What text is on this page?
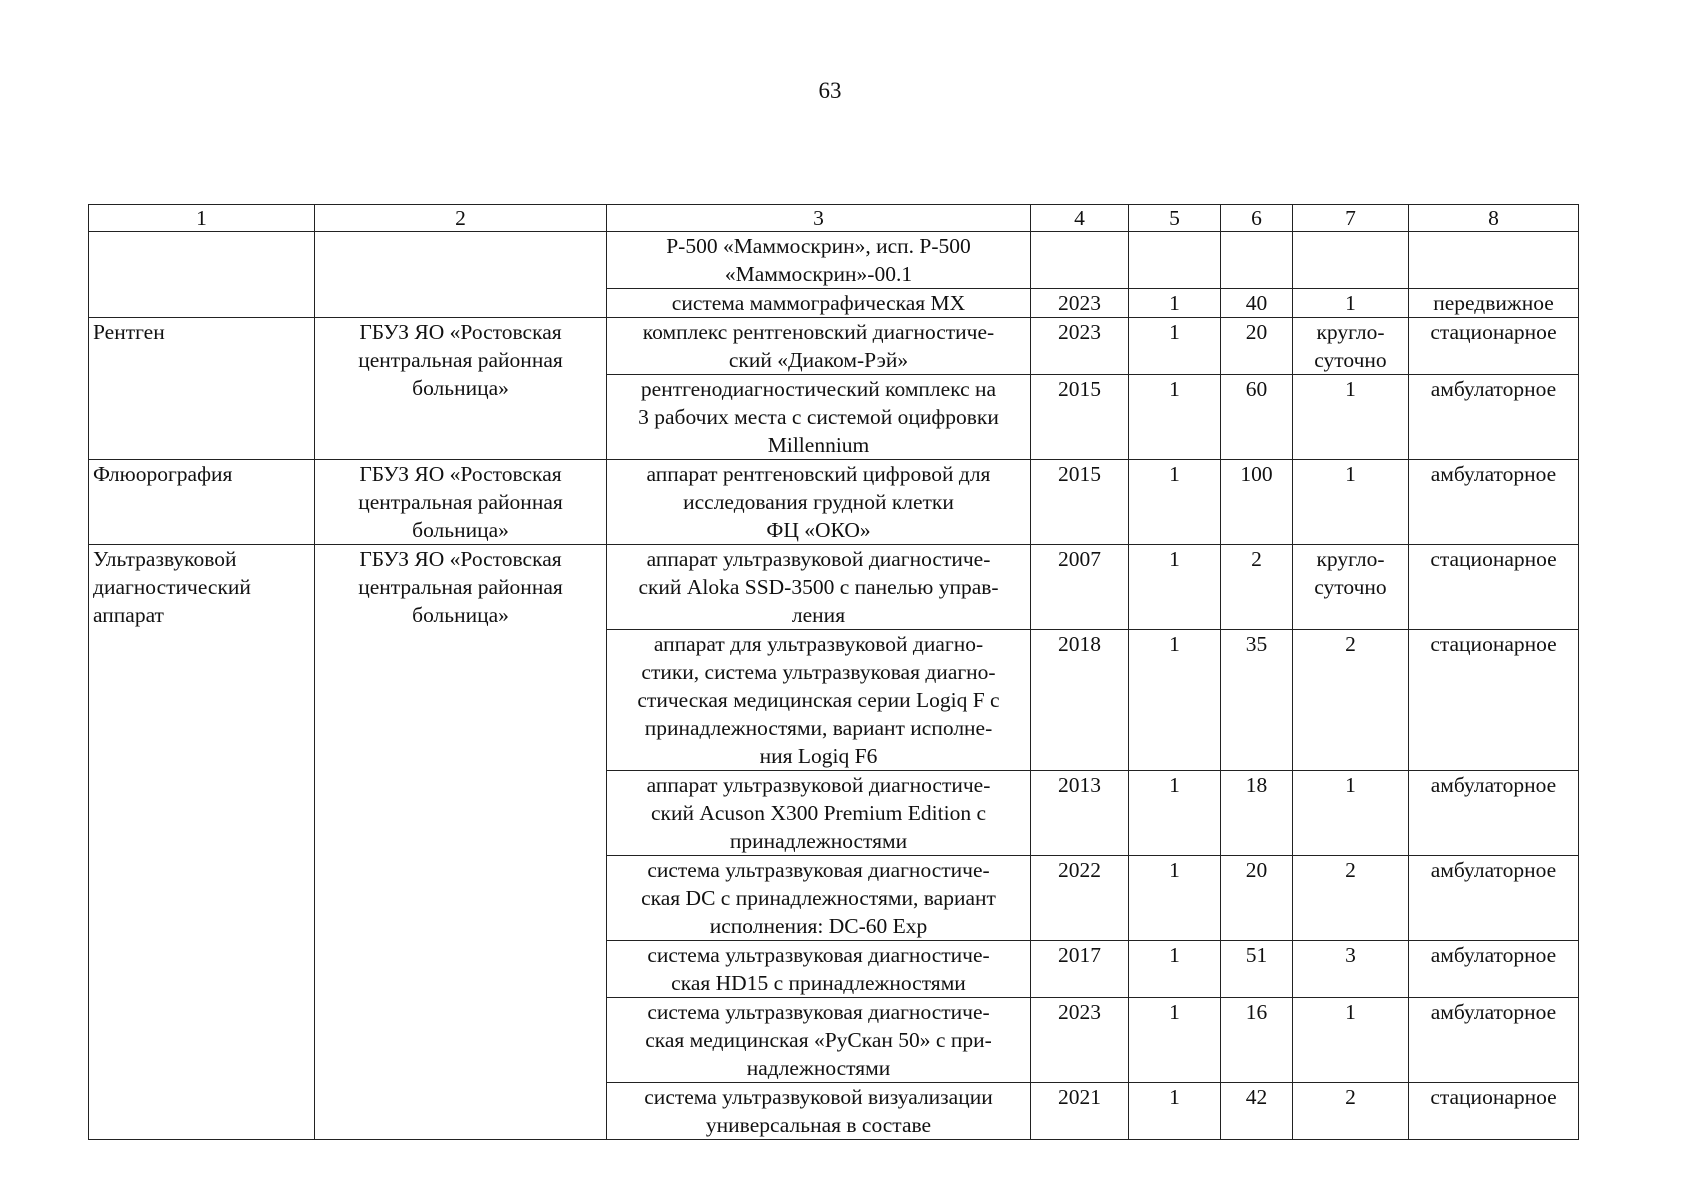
63
1	2	3	4	5	6	7	8

		Р-500 «Маммоскрин», исп. Р-500
«Маммоскрин»-00.1					

		система маммографическая МХ	2023	1	40	1	передвижное

Рентген	ГБУЗ ЯО «Ростовская
центральная районная
больница»	комплекс рентгеновский диагностиче-
ский «Диаком-Рэй»	2023	1	20	кругло-
суточно	стационарное

		рентгенодиагностический комплекс на
3 рабочих места с системой оцифровки
Millennium	2015	1	60	1	амбулаторное

Флюорография	ГБУЗ ЯО «Ростовская
центральная районная
больница»	аппарат рентгеновский цифровой для
исследования грудной клетки
ФЦ «ОКО»	2015	1	100	1	амбулаторное

Ультразвуковой
диагностический
аппарат	ГБУЗ ЯО «Ростовская
центральная районная
больница»	аппарат ультразвуковой диагностиче-
ский Aloka SSD-3500 с панелью управ-
ления	2007	1	2	кругло-
суточно	стационарное

		аппарат для ультразвуковой диагно-
стики, система ультразвуковая диагно-
стическая медицинская серии Logiq F с
принадлежностями, вариант исполне-
ния Logiq F6	2018	1	35	2	стационарное

		аппарат ультразвуковой диагностиче-
ский Acuson X300 Premium Edition с
принадлежностями	2013	1	18	1	амбулаторное

		система ультразвуковая диагностиче-
ская DC с принадлежностями, вариант
исполнения: DC-60 Exp	2022	1	20	2	амбулаторное

		система ультразвуковая диагностиче-
ская HD15 с принадлежностями	2017	1	51	3	амбулаторное

		система ультразвуковая диагностиче-
ская медицинская «РуСкан 50» с при-
надлежностями	2023	1	16	1	амбулаторное

		система ультразвуковой визуализации
универсальная в составе	2021	1	42	2	стационарное
